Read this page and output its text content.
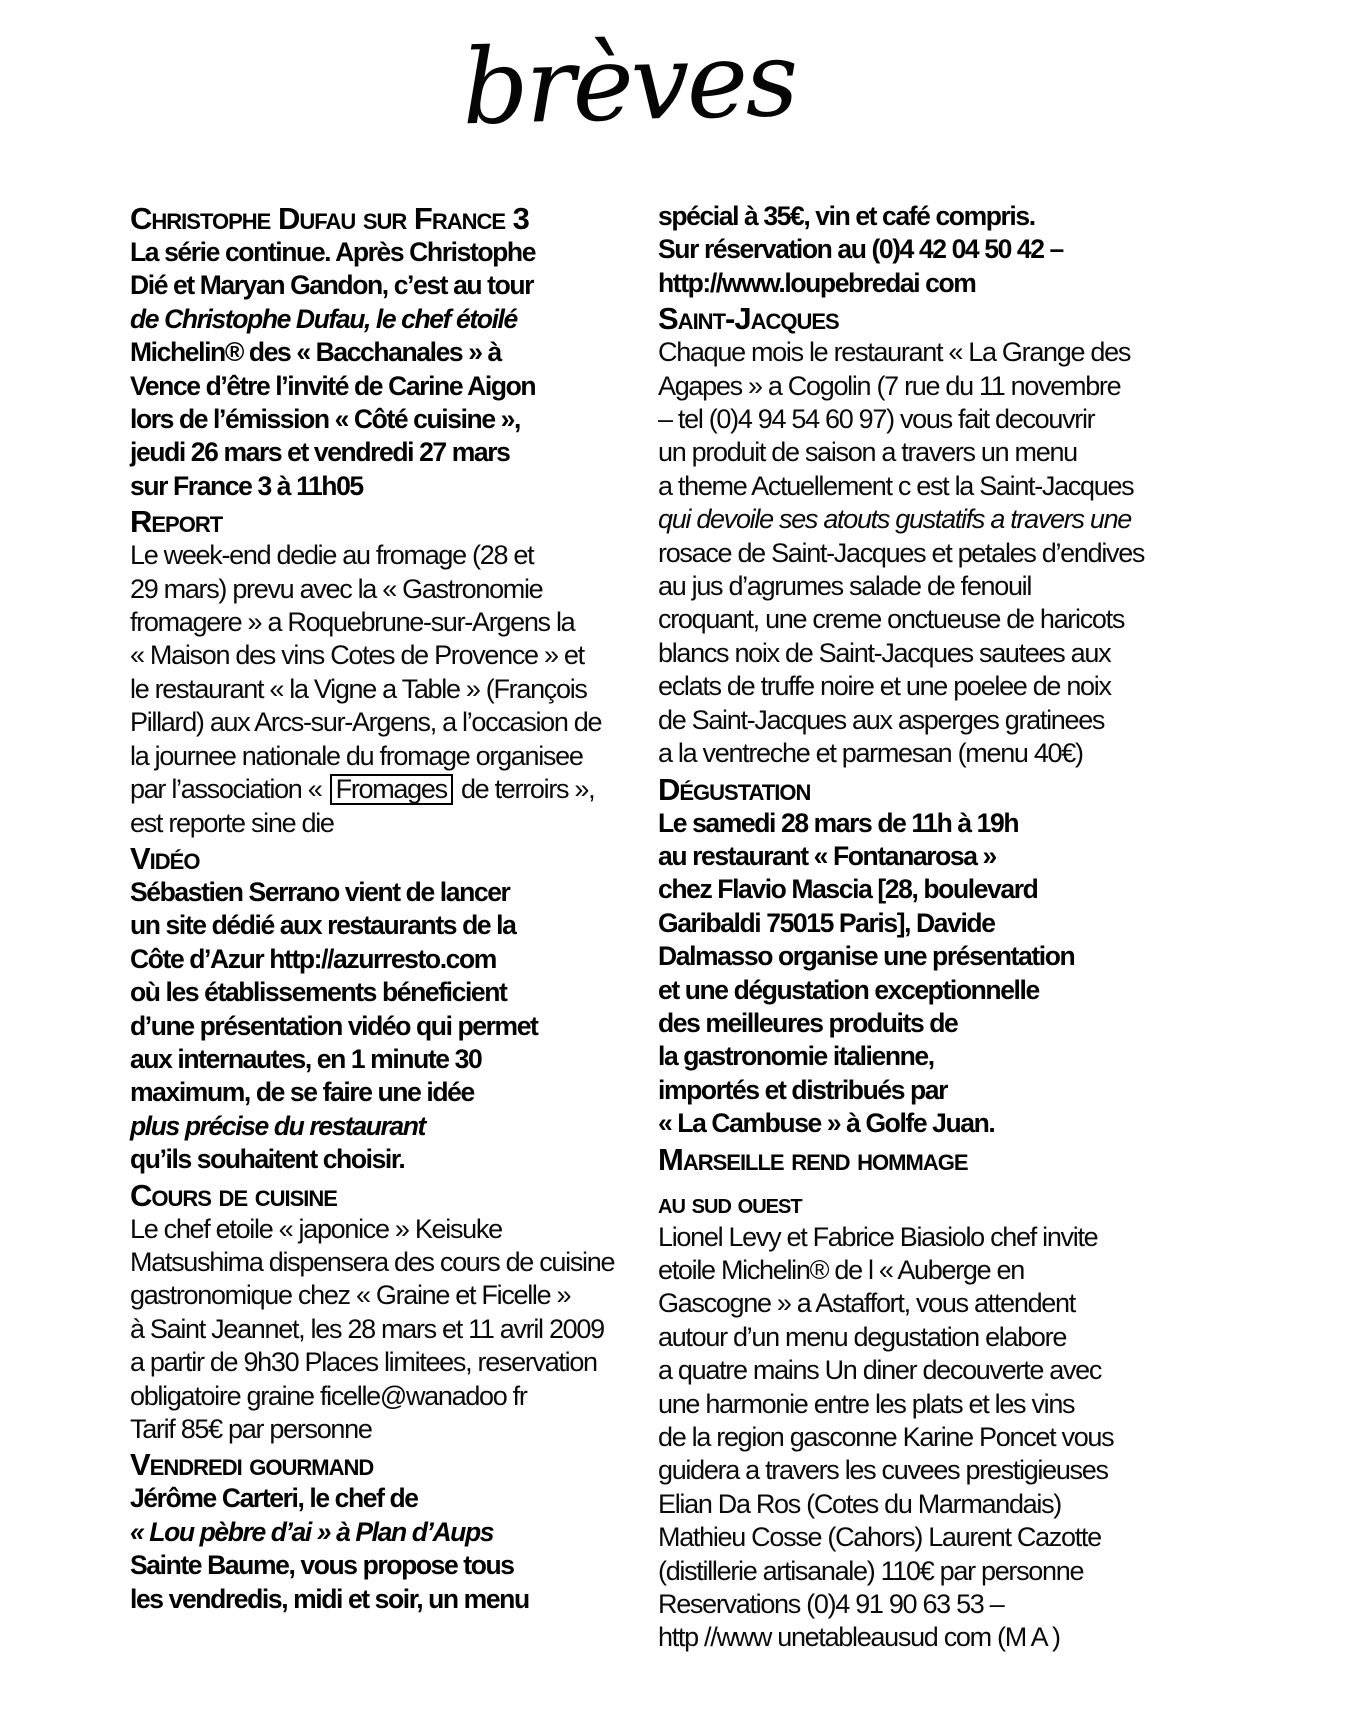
brèves
Christophe Dufau sur France 3
La série continue. Après Christophe
Dié et Maryan Gandon, c’est au tour
de Christophe Dufau, le chef étoilé
Michelin® des « Bacchanales » à
Vence d’être l’invité de Carine Aigon
lors de l’émission « Côté cuisine »,
jeudi 26 mars et vendredi 27 mars
sur France 3 à 11h05
Report
Le week-end dedie au fromage (28 et
29 mars) prevu avec la « Gastronomie
fromagere » a Roquebrune-sur-Argens la
« Maison des vins Cotes de Provence » et
le restaurant « la Vigne a Table » (François
Pillard) aux Arcs-sur-Argens, a l’occasion de
la journee nationale du fromage organisee
par l’association « Fromages de terroirs »,
est reporte sine die
Vidéo
Sébastien Serrano vient de lancer
un site dédié aux restaurants de la
Côte d’Azur http://azurresto.com
où les établissements béneficient
d’une présentation vidéo qui permet
aux internautes, en 1 minute 30
maximum, de se faire une idée
plus précise du restaurant
qu’ils souhaitent choisir.
Cours de cuisine
Le chef etoile « japonice » Keisuke
Matsushima dispensera des cours de cuisine
gastronomique chez « Graine et Ficelle »
à Saint Jeannet, les 28 mars et 11 avril 2009
a partir de 9h30 Places limitees, reservation
obligatoire graine ficelle@wanadoo fr
Tarif 85€ par personne
Vendredi gourmand
Jérôme Carteri, le chef de
« Lou pèbre d’ai » à Plan d’Aups
Sainte Baume, vous propose tous
les vendredis, midi et soir, un menu
spécial à 35€, vin et café compris.
Sur réservation au (0)4 42 04 50 42 –
http://www.loupebredai com
Saint-Jacques
Chaque mois le restaurant « La Grange des
Agapes » a Cogolin (7 rue du 11 novembre
– tel (0)4 94 54 60 97) vous fait decouvrir
un produit de saison a travers un menu
a theme Actuellement c est la Saint-Jacques
qui devoile ses atouts gustatifs a travers une
rosace de Saint-Jacques et petales d’endives
au jus d’agrumes salade de fenouil
croquant, une creme onctueuse de haricots
blancs noix de Saint-Jacques sautees aux
eclats de truffe noire et une poelee de noix
de Saint-Jacques aux asperges gratinees
a la ventreche et parmesan (menu 40€)
Dégustation
Le samedi 28 mars de 11h à 19h
au restaurant « Fontanarosa »
chez Flavio Mascia [28, boulevard
Garibaldi 75015 Paris], Davide
Dalmasso organise une présentation
et une dégustation exceptionnelle
des meilleures produits de
la gastronomie italienne,
importés et distribués par
« La Cambuse » à Golfe Juan.
Marseille rend hommage
au sud ouest
Lionel Levy et Fabrice Biasiolo chef invite
etoile Michelin® de l « Auberge en
Gascogne » a Astaffort, vous attendent
autour d’un menu degustation elabore
a quatre mains Un diner decouverte avec
une harmonie entre les plats et les vins
de la region gasconne Karine Poncet vous
guidera a travers les cuvees prestigieuses
Elian Da Ros (Cotes du Marmandais)
Mathieu Cosse (Cahors) Laurent Cazotte
(distillerie artisanale) 110€ par personne
Reservations (0)4 91 90 63 53 –
http //www unetableausud com (M A )
